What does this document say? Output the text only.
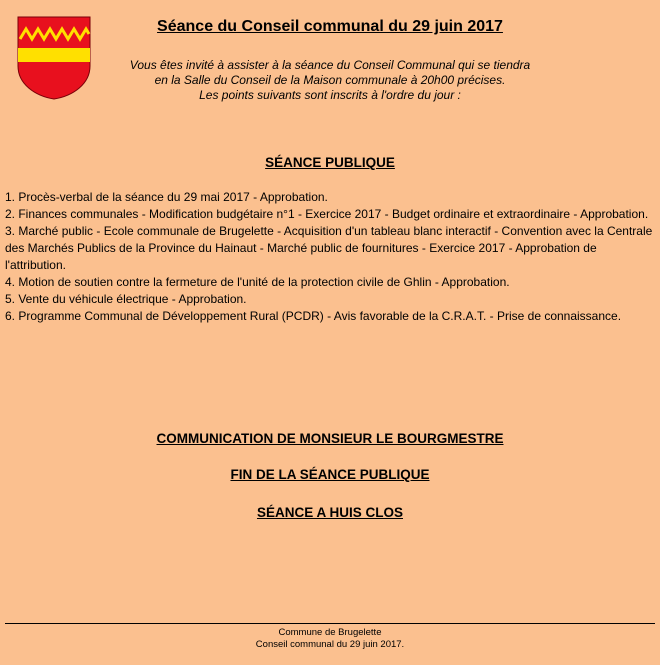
Séance du Conseil communal du 29 juin 2017
Vous êtes invité à assister à la séance du Conseil Communal qui se tiendra
en la Salle du Conseil de la Maison communale à 20h00 précises.
Les points suivants sont inscrits à l'ordre du jour :
SÉANCE PUBLIQUE
1. Procès-verbal de la séance du 29 mai 2017 - Approbation.
2. Finances communales - Modification budgétaire n°1 - Exercice 2017 - Budget ordinaire et extraordinaire - Approbation.
3. Marché public - Ecole communale de Brugelette - Acquisition d'un tableau blanc interactif - Convention avec la Centrale des Marchés Publics de la Province du Hainaut - Marché public de fournitures - Exercice 2017 - Approbation de l'attribution.
4. Motion de soutien contre la fermeture de l'unité de la protection civile de Ghlin - Approbation.
5. Vente du véhicule électrique - Approbation.
6. Programme Communal de Développement Rural (PCDR) - Avis favorable de la C.R.A.T. - Prise de connaissance.
COMMUNICATION DE MONSIEUR LE BOURGMESTRE
FIN DE LA SÉANCE PUBLIQUE
SÉANCE A HUIS CLOS
Commune de Brugelette
Conseil communal du 29 juin 2017.
